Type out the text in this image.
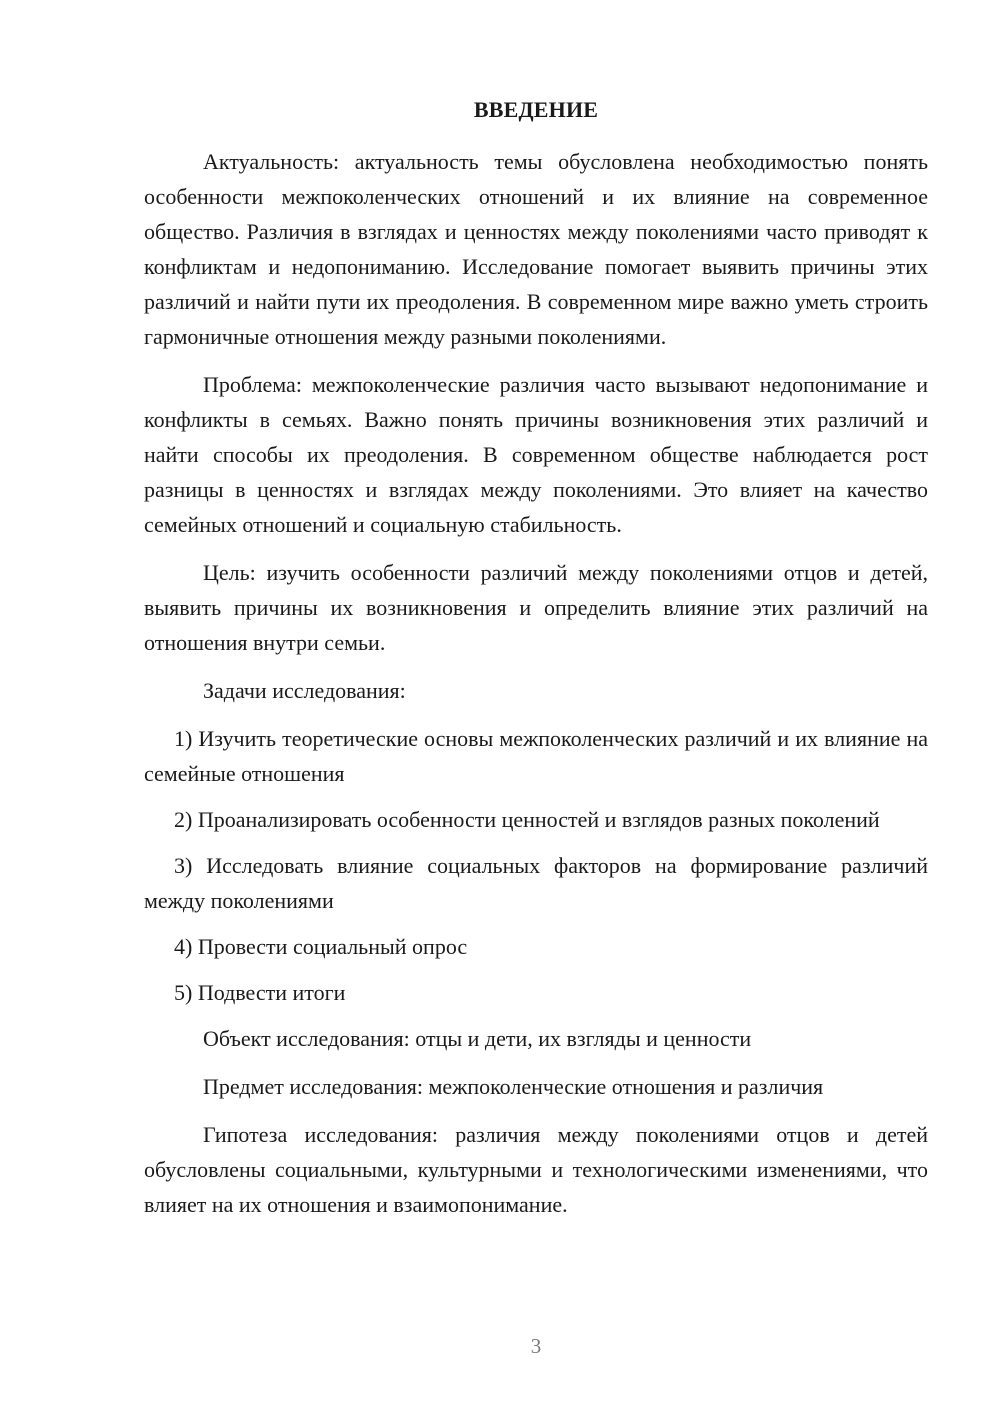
ВВЕДЕНИЕ

Актуальность: актуальность темы обусловлена необходимостью понять особенности межпоколенческих отношений и их влияние на современное общество. Различия в взглядах и ценностях между поколениями часто приводят к конфликтам и недопониманию. Исследование помогает выявить причины этих различий и найти пути их преодоления. В современном мире важно уметь строить гармоничные отношения между разными поколениями.

Проблема: межпоколенческие различия часто вызывают недопонимание и конфликты в семьях. Важно понять причины возникновения этих различий и найти способы их преодоления. В современном обществе наблюдается рост разницы в ценностях и взглядах между поколениями. Это влияет на качество семейных отношений и социальную стабильность.

Цель: изучить особенности различий между поколениями отцов и детей, выявить причины их возникновения и определить влияние этих различий на отношения внутри семьи.

Задачи исследования:

1) Изучить теоретические основы межпоколенческих различий и их влияние на семейные отношения

2) Проанализировать особенности ценностей и взглядов разных поколений

3) Исследовать влияние социальных факторов на формирование различий между поколениями

4) Провести социальный опрос

5) Подвести итоги

Объект исследования: отцы и дети, их взгляды и ценности

Предмет исследования: межпоколенческие отношения и различия

Гипотеза исследования: различия между поколениями отцов и детей обусловлены социальными, культурными и технологическими изменениями, что влияет на их отношения и взаимопонимание.

3
